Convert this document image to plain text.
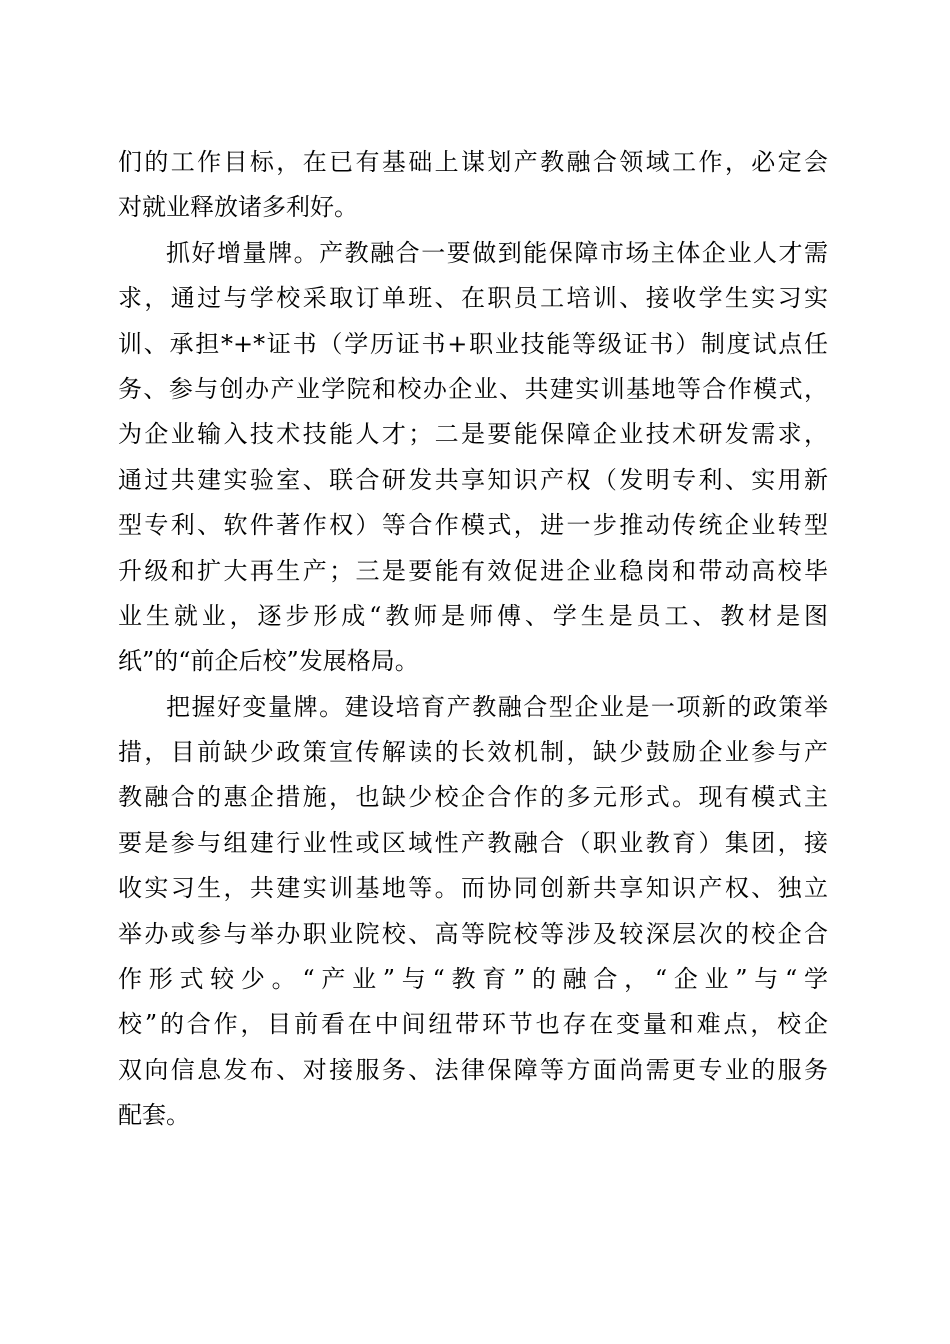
们的工作目标，在已有基础上谋划产教融合领域工作，必定会
对就业释放诸多利好。
抓好增量牌。产教融合一要做到能保障市场主体企业人才需
求，通过与学校采取订单班、在职员工培训、接收学生实习实
训、承担*+*证书（学历证书+职业技能等级证书）制度试点任
务、参与创办产业学院和校办企业、共建实训基地等合作模式，
为企业输入技术技能人才；二是要能保障企业技术研发需求，
通过共建实验室、联合研发共享知识产权（发明专利、实用新
型专利、软件著作权）等合作模式，进一步推动传统企业转型
升级和扩大再生产；三是要能有效促进企业稳岗和带动高校毕
业生就业，逐步形成“教师是师傅、学生是员工、教材是图
纸”的“前企后校”发展格局。
把握好变量牌。建设培育产教融合型企业是一项新的政策举
措，目前缺少政策宣传解读的长效机制，缺少鼓励企业参与产
教融合的惠企措施，也缺少校企合作的多元形式。现有模式主
要是参与组建行业性或区域性产教融合（职业教育）集团，接
收实习生，共建实训基地等。而协同创新共享知识产权、独立
举办或参与举办职业院校、高等院校等涉及较深层次的校企合
作形式较少。“产业”与“教育”的融合，“企业”与“学
校”的合作，目前看在中间纽带环节也存在变量和难点，校企
双向信息发布、对接服务、法律保障等方面尚需更专业的服务
配套。
